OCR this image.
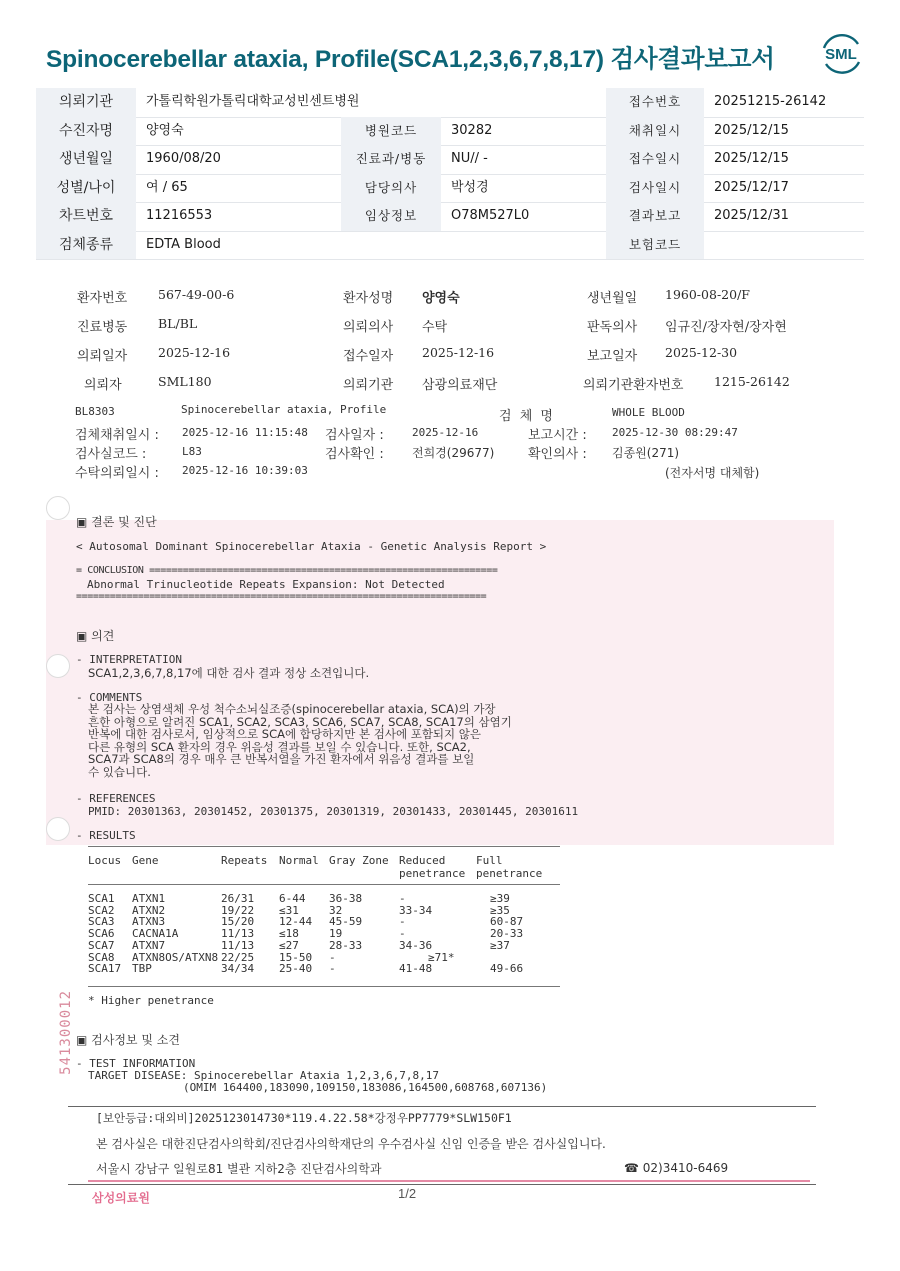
Spinocerebellar ataxia, Profile(SCA1,2,3,6,7,8,17) 검사결과보고서	SML
의뢰기관	가톨릭학원가톨릭대학교성빈센트병원	접수번호	20251215-26142
수진자명	양영숙	병원코드	30282	채취일시	2025/12/15
생년월일	1960/08/20	진료과/병동	NU// -	접수일시	2025/12/15
성별/나이	여 / 65	담당의사	박성경	검사일시	2025/12/17
차트번호	11216553	임상정보	O78M527L0	결과보고	2025/12/31
검체종류	EDTA Blood	보험코드
환자번호 567-49-00-6	환자성명 양영숙	생년월일 1960-08-20/F
진료병동 BL/BL	의뢰의사 수탁	판독의사 임규진/장자현/장자현
의뢰일자 2025-12-16	접수일자 2025-12-16	보고일자 2025-12-30
의뢰자	SML180	의뢰기관 삼광의료재단	의뢰기관환자번호 1215-26142
BL8303	Spinocerebellar ataxia, Profile	검 체 명	WHOLE BLOOD
검체채취일시 : 2025-12-16 11:15:48 검사일자 :	2025-12-16	보고시간 : 2025-12-30 08:29:47
검사실코드 :	L83	검사확인 : 전희경(29677)	확인의사 : 김종원(271)
수탁의뢰일시 : 2025-12-16 10:39:03	(전자서명 대체함)
▣ 결론 및 진단
< Autosomal Dominant Spinocerebellar Ataxia - Genetic Analysis Report >
= CONCLUSION ==============================================================
Abnormal Trinucleotide Repeats Expansion: Not Detected
=========================================================================
▣ 의견
- INTERPRETATION
SCA1,2,3,6,7,8,17에 대한 검사 결과 정상 소견입니다.
- COMMENTS
본 검사는 상염색체 우성 척수소뇌실조증(spinocerebellar ataxia, SCA)의 가장
흔한 아형으로 알려진 SCA1, SCA2, SCA3, SCA6, SCA7, SCA8, SCA17의 삼염기
반복에 대한 검사로서, 임상적으로 SCA에 합당하지만 본 검사에 포함되지 않은
다른 유형의 SCA 환자의 경우 위음성 결과를 보일 수 있습니다. 또한, SCA2,
SCA7과 SCA8의 경우 매우 큰 반복서열을 가진 환자에서 위음성 결과를 보일
수 있습니다.
- REFERENCES
PMID: 20301363, 20301452, 20301375, 20301319, 20301433, 20301445, 20301611
- RESULTS
Locus Gene	Repeats Normal Gray Zone Reduced penetrance
Full penetrance
SCA1 ATXN1	26/31 6-44 36-38	-	≥39
SCA2 ATXN2	19/22 ≤31	32	33-34	≥35
SCA3 ATXN3	15/20 12-44 45-59	-	60-87
SCA6 CACNA1A	11/13 ≤18	19	-	20-33
SCA7 ATXN7	11/13 ≤27	28-33	34-36	≥37
SCA8 ATXN8OS/ATXN8 22/25 15-50 -	≥71*
SCA17 TBP	34/34 25-40 -	41-48	49-66
* Higher penetrance
541300012 ▣ 검사정보 및 소견
- TEST INFORMATION
TARGET DISEASE: Spinocerebellar Ataxia 1,2,3,6,7,8,17
(OMIM 164400,183090,109150,183086,164500,608768,607136)
[보안등급:대외비]2025123014730*119.4.22.58*강정우PP7779*SLW150F1
본 검사실은 대한진단검사의학회/진단검사의학재단의 우수검사실 신임 인증을 받은 검사실입니다.
서울시 강남구 일원로81 별관 지하2층 진단검사의학과	☎ 02)3410-6469
삼성의료원	1/2
